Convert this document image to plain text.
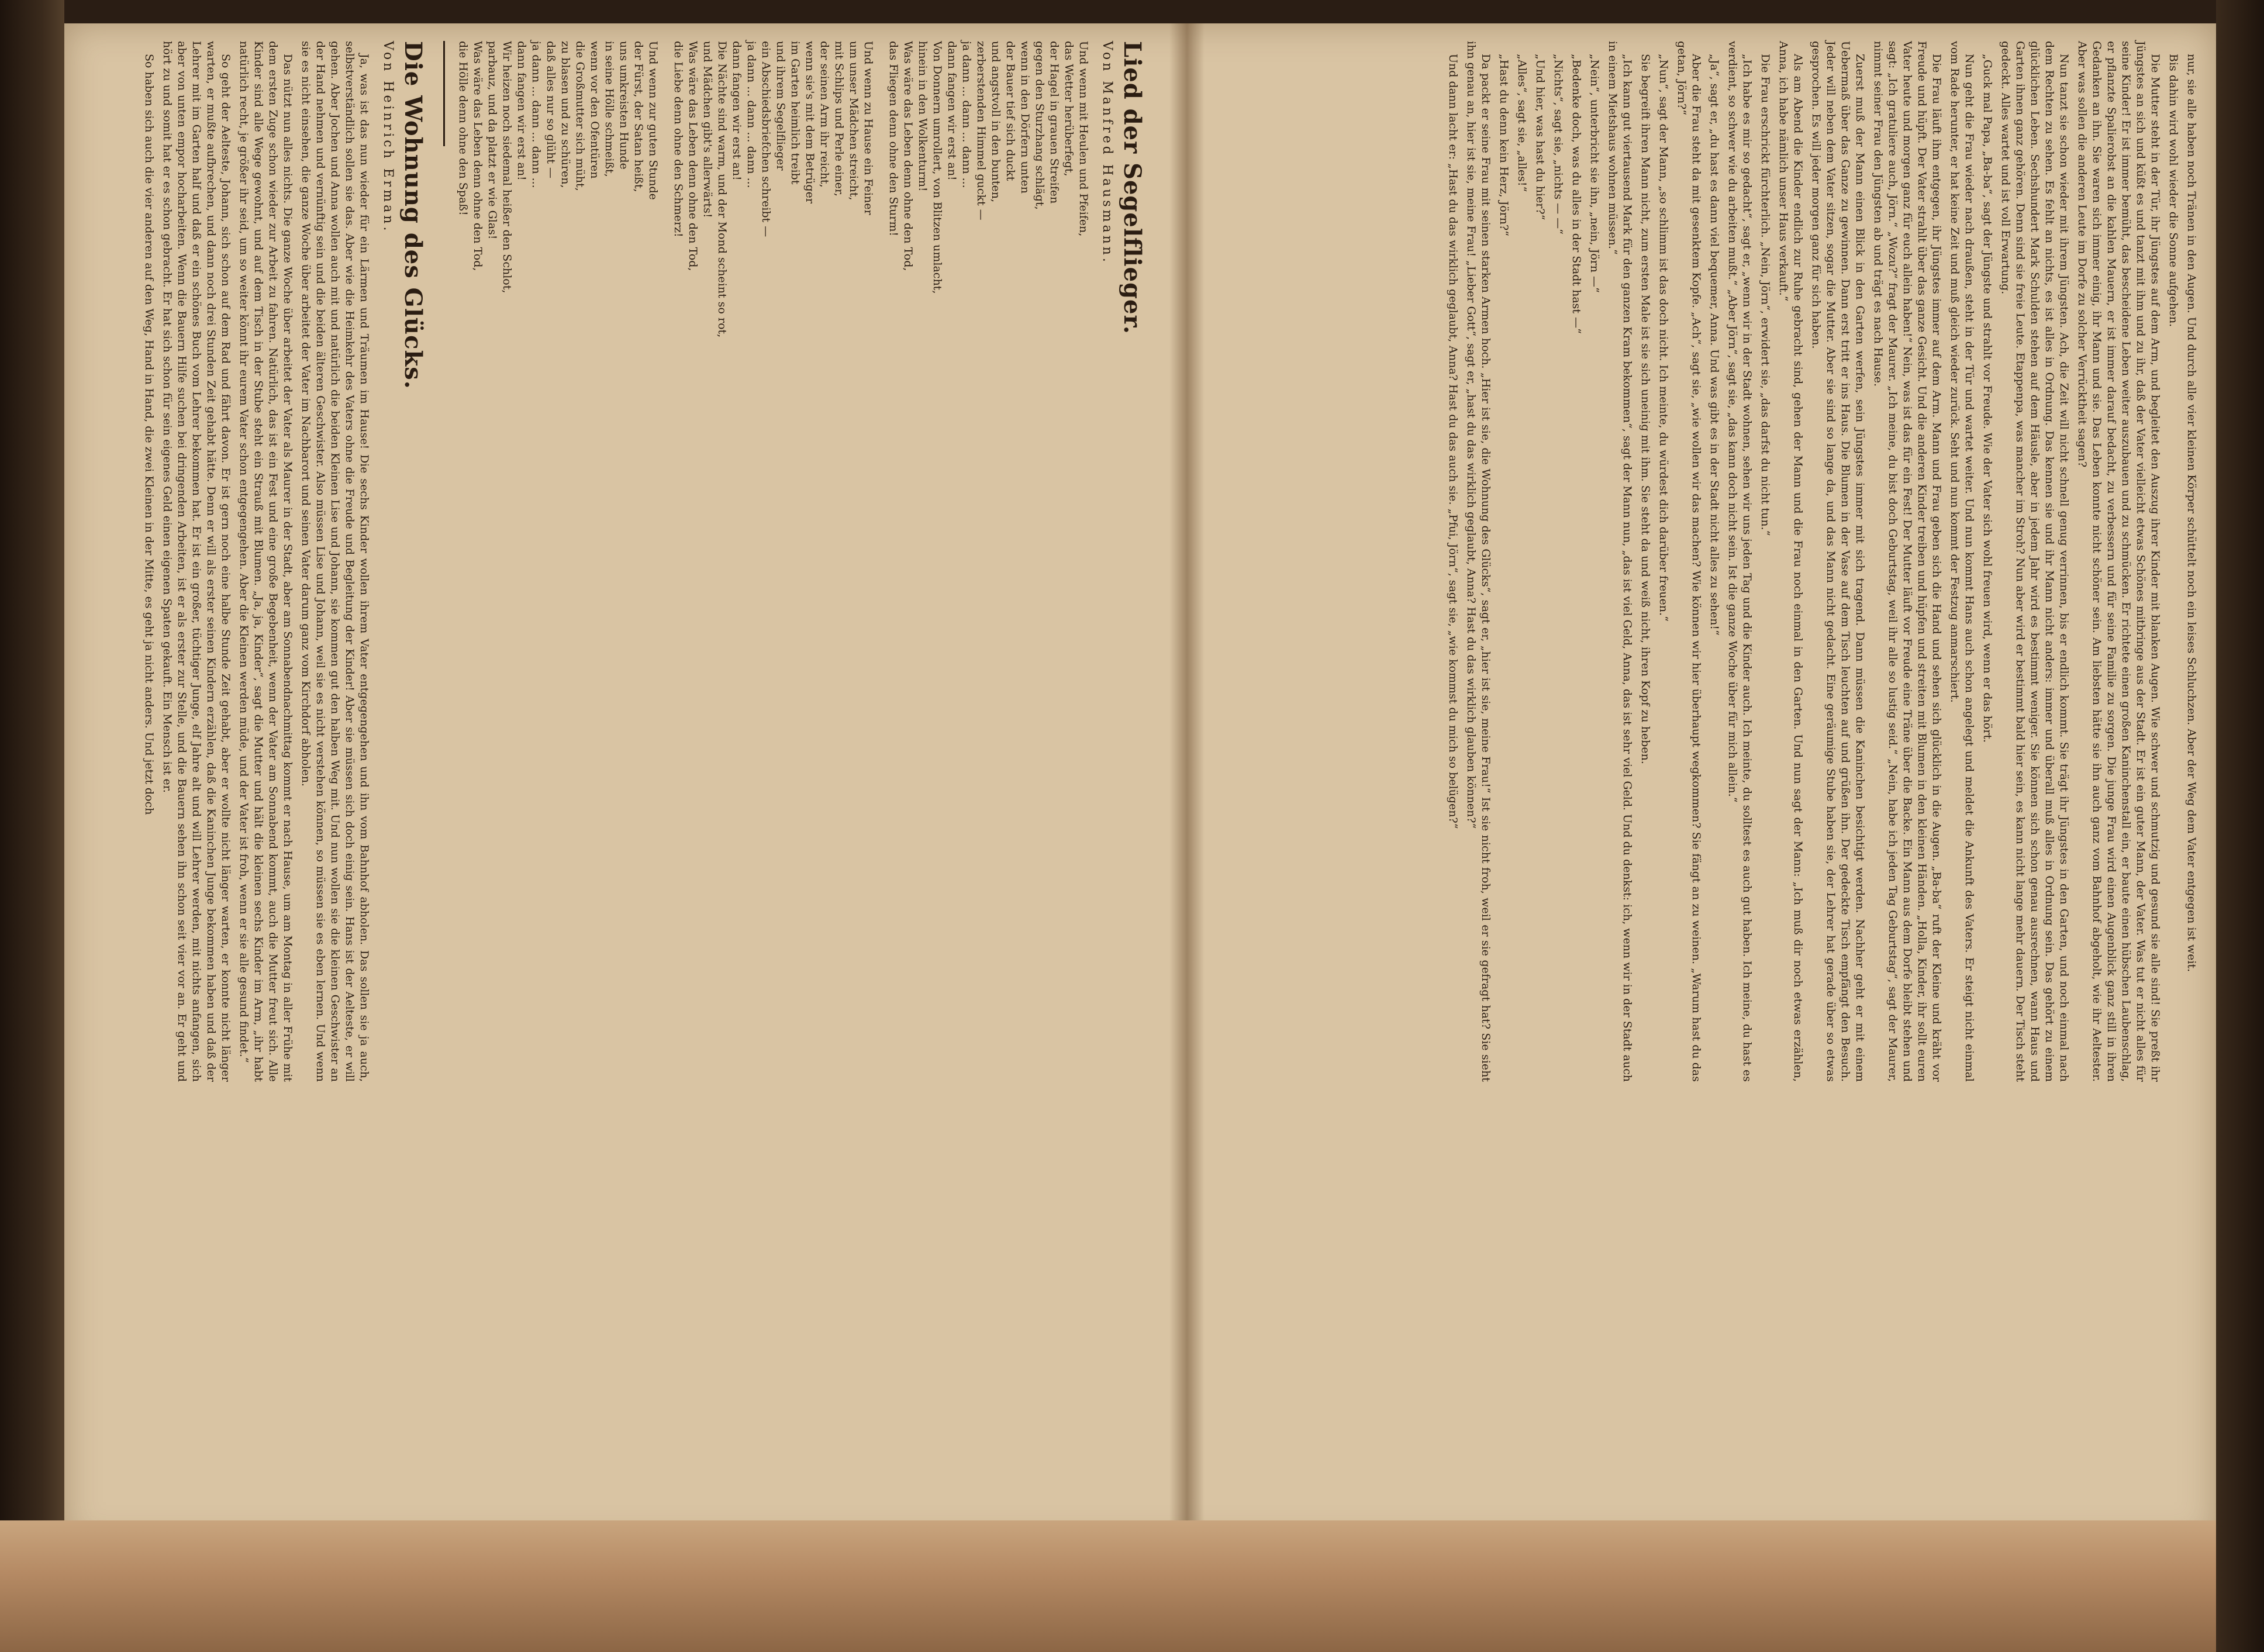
Lied der Segelflieger.
Von Manfred Hausmann.
Und wenn mit Heulen und Pfeifen,
das Wetter herüberfegt,
der Hagel in grauen Streifen
gegen den Sturzhang schlägt,
wenn in den Dörfern unten
der Bauer tief sich duckt
und angstvoll in den bunten,
zerberstenden Himmel guckt —
ja dann ... dann ... dann ...
dann fangen wir erst an!
Von Donnern umrollert, von Blitzen umlacht,
hinein in den Wolkenturm!
Was wäre das Leben denn ohne den Tod,
das Fliegen denn ohne den Sturm!
Und wenn zu Hause ein Feiner
um unser Mädchen streicht,
mit Schlips und Perle einer,
der seinen Arm ihr reicht,
wenn sie's mit dem Betrüger
im Garten heimlich treibt
und ihrem Segelflieger
ein Abschiedsbriefchen schreibt —
ja dann ... dann ... dann ...
dann fangen wir erst an!
Die Nächte sind warm, und der Mond scheint so rot,
und Mädchen gibt's allerwärts!
Was wäre das Leben denn ohne den Tod,
die Liebe denn ohne den Schmerz!
Und wenn zur guten Stunde
der Fürst, der Satan heißt,
uns umkreisten Hunde
in seine Hölle schmeißt,
wenn vor den Ofentüren
die Großmutter sich müht,
zu blasen und zu schüren,
daß alles nur so glüht —
ja dann ... dann ... dann ...
dann fangen wir erst an!
Wir heizen noch siedemal heißer den Schlot,
parbauz, und da platzt er wie Glas!
Was wäre das Leben denn ohne den Tod,
die Hölle denn ohne den Spaß!
Die Wohnung des Glücks.
Von Heinrich Erman.

Ja, was ist das nun wieder für ein Lärmen und Träumen im Hause! Die sechs Kinder wollen ihrem Vater entgegengehen und ihn vom Bahnhof abholen. Das sollen sie ja auch, selbstverständlich sollen sie das. Aber wie die Heimkehr des Vaters ohne die Freude und Begleitung der Kinder! Aber sie müssen sich doch einig sein. Hans ist der Aelteste, er will gehen. Aber Jochen und Anna wollen auch mit und natürlich die beiden Kleinen Lise und Johann, sie kommen gut den halben Weg mit. Und nun wollen sie die kleinen Geschwister an der Hand nehmen und vernünftig sein und die beiden älteren Geschwister. Also müssen Lise und Johann, weil sie es nicht verstehen können, so müssen sie es eben lernen. Und wenn sie es nicht einsehen, die ganze Woche über arbeitet der Vater im Nachbarort und seinen Vater darum ganz vom Kirchdorf abholen.

Das nützt nun alles nichts. Die ganze Woche über arbeitet der Vater als Maurer in der Stadt, aber am Sonnabendnachmittag kommt er nach Hause, um am Montag in aller Frühe mit dem ersten Zuge schon wieder zur Arbeit zu fahren. Natürlich, das ist ein Fest und eine große Begebenheit, wenn der Vater am Sonnabend kommt, auch die Mutter freut sich. Alle Kinder sind alle Wege gewohnt, und auf dem Tisch in der Stube steht ein Strauß mit Blumen. „Ja, ja, Kinder“, sagt die Mutter und hält die kleinen sechs Kinder im Arm, „ihr habt natürlich recht, je größer ihr seid, um so weiter könnt ihr eurem Vater schon entgegengehen. Aber die Kleinen werden müde, und der Vater ist froh, wenn er sie alle gesund findet.“

So geht der Aelteste, Johann, sich schon auf dem Rad und fährt davon. Er ist gern noch eine halbe Stunde Zeit gehabt, aber er wollte nicht länger warten, er konnte nicht länger warten, er mußte aufbrechen, und dann noch drei Stunden Zeit gehabt hätte. Denn er will als erster seinen Kindern erzählen, daß die Kaninchen Junge bekommen haben und daß der Lehrer mit im Garten half und daß er ein schönes Buch vom Lehrer bekommen hat. Er ist ein großer, tüchtiger Junge, elf Jahre alt und will Lehrer werden, mit nichts anfangen, sich aber von unten empor hocharbeiten. Wenn die Bauern Hilfe suchen bei dringenden Arbeiten, ist er als erster zur Stelle, und die Bauern sehen ihn schon seit vier vor an. Er geht und hört zu und somit hat er es schon gebracht. Er hat sich schon für sein eigenes Geld einen eigenen Spaten gekauft. Ein Mensch ist er.

So haben sich auch die vier anderen auf den Weg, Hand in Hand, die zwei Kleinen in der Mitte, es geht ja nicht anders. Und jetzt doch	nur, sie alle haben noch Tränen in den Augen. Und durch alle vier kleinen Körper schüttelt noch ein leises Schluchzen. Aber der Weg dem Vater entgegen ist weit.

Bis dahin wird wohl wieder die Sonne aufgehen.

Die Mutter steht in der Tür, ihr Jüngstes auf dem Arm, und begleitet den Auszug ihrer Kinder mit blanken Augen. Wie schwer und schmutzig und gesund sie alle sind! Sie preßt ihr Jüngstes an sich und küßt es und tanzt mit ihm und zu ihr, daß der Vater vielleicht etwas Schönes mitbringe aus der Stadt. Er ist ein guter Mann, der Vater. Was tut er nicht alles für seine Kinder! Er ist immer bemüht, das bescheidene Leben weiter auszubauen und zu schmücken. Er richtete einen großen Kaninchenstall ein, er baute einen hübschen Laubenschlag, er pflanzte Spalierobst an die kahlen Mauern, er ist immer darauf bedacht, zu verbessern und für seine Familie zu sorgen. Die junge Frau wird einen Augenblick ganz still in ihren Gedanken an ihn. Sie waren sich immer einig, ihr Mann und sie. Das Leben konnte nicht schöner sein. Am liebsten hätte sie ihn auch ganz vom Bahnhof abgeholt, wie ihr Aeltester. Aber was sollen die anderen Leute im Dorfe zu solcher Verrücktheit sagen?

Nun tanzt sie schon wieder mit ihrem Jüngsten. Ach, die Zeit will nicht schnell genug verrinnen, bis er endlich kommt. Sie trägt ihr Jüngstes in den Garten, und noch einmal nach dem Rechten zu sehen. Es fehlt an nichts, es ist alles in Ordnung. Das kennen sie und ihr Mann nicht anders: immer und überall muß alles in Ordnung sein. Das gehört zu einem glücklichen Leben. Sechshundert Mark Schulden stehen auf dem Häusle, aber in jedem Jahr wird es bestimmt weniger. Sie können sich schon genau ausrechnen, wann Haus und Garten ihnen ganz gehören. Denn sind sie freie Leute. Etappenpa, was mancher im Stroh? Nun aber wird er bestimmt bald hier sein, es kann nicht lange mehr dauern. Der Tisch steht gedeckt. Alles wartet und ist voll Erwartung.

„Guck mal Papa, „Ba-ba“, sagt der Jüngste und strahlt vor Freude. Wie der Vater sich wohl freuen wird, wenn er das hört.

Nun geht die Frau wieder nach draußen, steht in der Tür und wartet weiter. Und nun kommt Hans auch schon angelegt und meldet die Ankunft des Vaters. Er steigt nicht einmal vom Rade herunter, er hat keine Zeit und muß gleich wieder zurück. Seht und nun kommt der Festzug anmarschiert.

Die Frau läuft ihm entgegen, ihr Jüngstes immer auf dem Arm. Mann und Frau geben sich die Hand und sehen sich glücklich in die Augen. „Ba-ba“ ruft der Kleine und kräht vor Freude und hüpft. Der Vater strahlt über das ganze Gesicht. Und die anderen Kinder treiben und hüpfen und streiten mit Blumen in den kleinen Händen. „Holla, Kinder, ihr sollt euren Vater heute und morgen ganz für euch allein haben!“ Nein, was ist das für ein Fest! Der Mutter läuft vor Freude eine Träne über die Backe. Ein Mann aus dem Dorfe bleibt stehen und sagt: „Ich gratuliere auch, Jörn.“ „Wozu?“ fragt der Maurer. „Ich meine, du bist doch Geburtstag, weil ihr alle so lustig seid.“ „Nein, habe ich jeden Tag Geburtstag“, sagt der Maurer, nimmt seiner Frau den Jüngsten ab und trägt es nach Hause.

Zuerst muß der Mann einen Blick in den Garten werfen, sein Jüngstes immer mit sich tragend. Dann müssen die Kaninchen besichtigt werden. Nachher geht er mit einem Uebermaß über das Ganze zu gewinnen. Dann erst tritt er ins Haus. Die Blumen in der Vase auf dem Tisch leuchten auf und grüßen ihn. Der gedeckte Tisch empfängt den Besuch. Jeder will neben dem Vater sitzen, sogar die Mutter. Aber sie sind so lange da, und das Mann nicht gedacht. Eine geräumige Stube haben sie, der Lehrer hat gerade über so etwas gesprochen. Es will jeder morgen ganz für sich haben.

Als am Abend die Kinder endlich zur Ruhe gebracht sind, gehen der Mann und die Frau noch einmal in den Garten. Und nun sagt der Mann: „Ich muß dir noch etwas erzählen, Anna, ich habe nämlich unser Haus verkauft.“

Die Frau erschrickt fürchterlich. „Nein, Jörn“, erwidert sie, „das darfst du nicht tun.“

„Ich habe es mir so gedacht“, sagt er, „wenn wir in der Stadt wohnen, sehen wir uns jeden Tag und die Kinder auch. Ich meinte, du solltest es auch gut haben. Ich meine, du hast es verdient, so schwer wie du arbeiten mußt.“ „Aber Jörn“, sagt sie, „das kann doch nicht sein. Ist die ganze Woche über für mich allein.“

„Ja“, sagt er, „du hast es dann viel bequemer, Anna. Und was gibt es in der Stadt nicht alles zu sehen!“

Aber die Frau steht da mit gesenktem Kopfe. „Ach“, sagt sie, „wie wollen wir das machen? Wie können wir hier überhaupt wegkommen? Sie fängt an zu weinen. „Warum hast du das getan, Jörn?“

„Nun“, sagt der Mann, „so schlimm ist das doch nicht. Ich meinte, du würdest dich darüber freuen.“

Sie begreift ihren Mann nicht, zum ersten Male ist sie sich uneinig mit ihm. Sie steht da und weiß nicht, ihren Kopf zu heben.

„Ich kann gut viertausend Mark für den ganzen Kram bekommen“, sagt der Mann nun, „das ist viel Geld, Anna, das ist sehr viel Geld. Und du denkst: ich, wenn wir in der Stadt auch in einem Mietshaus wohnen müssen.“

„Nein“, unterbricht sie ihn, „nein, Jörn —“

„Bedenke doch, was du alles in der Stadt hast —“

„Nichts“, sagt sie, „nichts — —“

„Und hier, was hast du hier?“

„Alles“, sagt sie, „alles!“

„Hast du denn kein Herz, Jörn?“

Da packt er seine Frau mit seinen starken Armen hoch. „Hier ist sie, die Wohnung des Glücks“, sagt er, „hier ist sie, meine Frau!“ Ist sie nicht froh, weil er sie gefragt hat? Sie sieht ihn genau an, hier ist sie, meine Frau! „Lieber Gott“, sagt er, „hast du das wirklich geglaubt, Anna? Hast du das wirklich glauben können?“

Und dann lacht er: „Hast du das wirklich geglaubt, Anna? Hast du das auch sie. „Pfui, Jörn“, sagt sie, „wie kommst du mich so belügen?“
